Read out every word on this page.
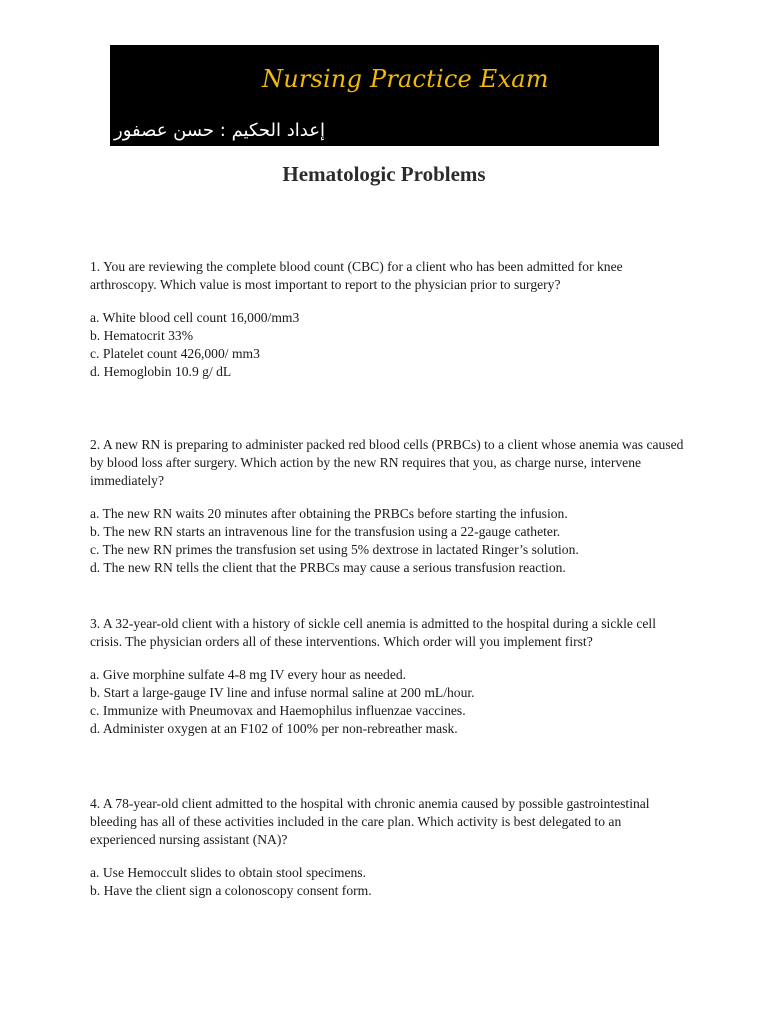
Nursing Practice Exam
إعداد الحكيم : حسن عصفور
Hematologic Problems

1. You are reviewing the complete blood count (CBC) for a client who has been admitted for knee arthroscopy. Which value is most important to report to the physician prior to surgery?

a. White blood cell count 16,000/mm3
b. Hematocrit 33%
c. Platelet count 426,000/ mm3
d. Hemoglobin 10.9 g/ dL

2. A new RN is preparing to administer packed red blood cells (PRBCs) to a client whose anemia was caused by blood loss after surgery. Which action by the new RN requires that you, as charge nurse, intervene immediately?

a. The new RN waits 20 minutes after obtaining the PRBCs before starting the infusion.
b. The new RN starts an intravenous line for the transfusion using a 22-gauge catheter.
c. The new RN primes the transfusion set using 5% dextrose in lactated Ringer’s solution.
d. The new RN tells the client that the PRBCs may cause a serious transfusion reaction.

3. A 32-year-old client with a history of sickle cell anemia is admitted to the hospital during a sickle cell crisis. The physician orders all of these interventions. Which order will you implement first?

a. Give morphine sulfate 4-8 mg IV every hour as needed.
b. Start a large-gauge IV line and infuse normal saline at 200 mL/hour.
c. Immunize with Pneumovax and Haemophilus influenzae vaccines.
d. Administer oxygen at an F102 of 100% per non-rebreather mask.

4. A 78-year-old client admitted to the hospital with chronic anemia caused by possible gastrointestinal bleeding has all of these activities included in the care plan. Which activity is best delegated to an experienced nursing assistant (NA)?

a. Use Hemoccult slides to obtain stool specimens.
b. Have the client sign a colonoscopy consent form.
